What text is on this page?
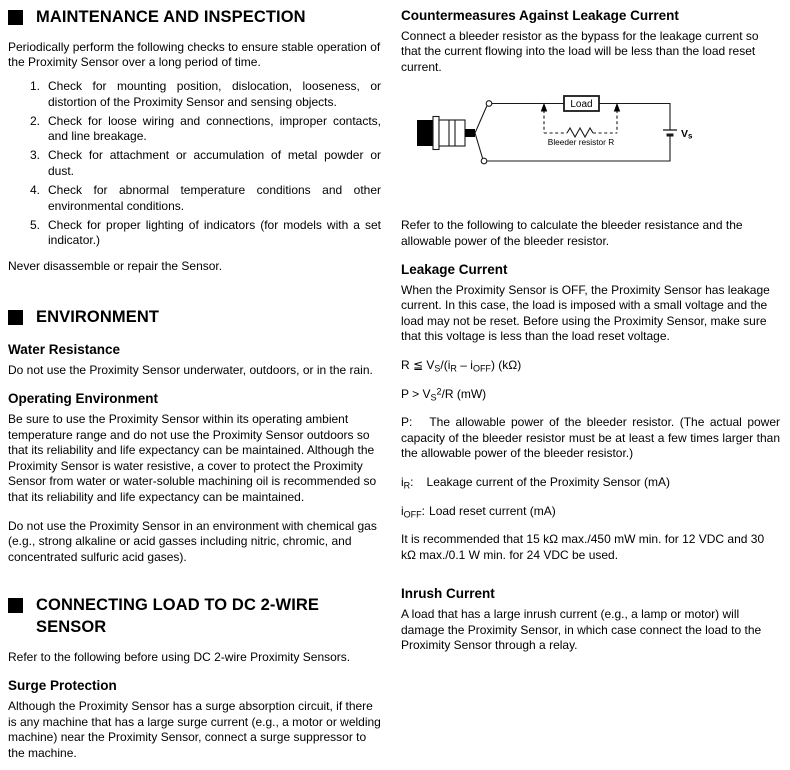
MAINTENANCE AND INSPECTION

Periodically perform the following checks to ensure stable operation of the Proximity Sensor over a long period of time.

1. Check for mounting position, dislocation, looseness, or distortion of the Proximity Sensor and sensing objects.
2. Check for loose wiring and connections, improper contacts, and line breakage.
3. Check for attachment or accumulation of metal powder or dust.
4. Check for abnormal temperature conditions and other environmental conditions.
5. Check for proper lighting of indicators (for models with a set indicator.)

Never disassemble or repair the Sensor.

ENVIRONMENT
Water Resistance

Do not use the Proximity Sensor underwater, outdoors, or in the rain.

Operating Environment

Be sure to use the Proximity Sensor within its operating ambient temperature range and do not use the Proximity Sensor outdoors so that its reliability and life expectancy can be maintained. Although the Proximity Sensor is water resistive, a cover to protect the Proximity Sensor from water or water-soluble machining oil is recommended so that its reliability and life expectancy can be maintained.

Do not use the Proximity Sensor in an environment with chemical gas (e.g., strong alkaline or acid gasses including nitric, chromic, and concentrated sulfuric acid gases).

CONNECTING LOAD TO DC 2-WIRE SENSOR

Refer to the following before using DC 2-wire Proximity Sensors.

Surge Protection

Although the Proximity Sensor has a surge absorption circuit, if there is any machine that has a large surge current (e.g., a motor or welding machine) near the Proximity Sensor, connect a surge suppressor to the machine.

Countermeasures Against Leakage Current

Connect a bleeder resistor as the bypass for the leakage current so that the current flowing into the load will be less than the load reset current.

Load
Bleeder resistor R
Vs

Refer to the following to calculate the bleeder resistance and the allowable power of the bleeder resistor.

Leakage Current

When the Proximity Sensor is OFF, the Proximity Sensor has leakage current. In this case, the load is imposed with a small voltage and the load may not be reset. Before using the Proximity Sensor, make sure that this voltage is less than the load reset voltage.

R ≦ $V_S/(i_R - i_{OFF})$ (kΩ)

$P > V_S^2/R$ (mW)

P: The allowable power of the bleeder resistor. (The actual power capacity of the bleeder resistor must be at least a few times larger than the allowable power of the bleeder resistor.)

$i_R$: Leakage current of the Proximity Sensor (mA)

$i_{OFF}$: Load reset current (mA)

It is recommended that 15 kΩ max./450 mW min. for 12 VDC and 30 kΩ max./0.1 W min. for 24 VDC be used.

Inrush Current

A load that has a large inrush current (e.g., a lamp or motor) will damage the Proximity Sensor, in which case connect the load to the Proximity Sensor through a relay.
